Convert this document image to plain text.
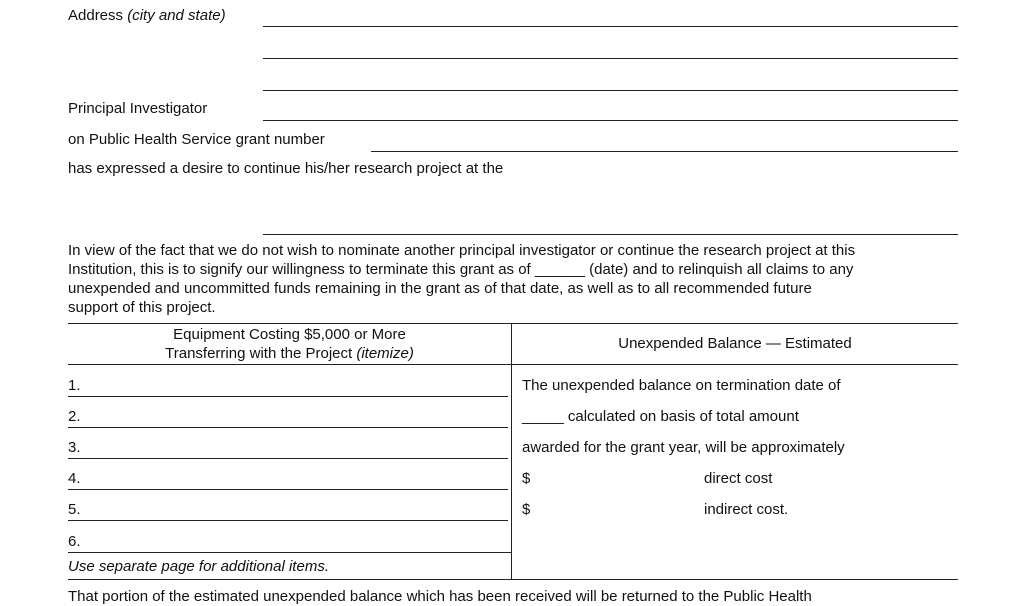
Address (city and state)
Principal Investigator
on Public Health Service grant number
has expressed a desire to continue his/her research project at the
In view of the fact that we do not wish to nominate another principal investigator or continue the research project at this
Institution, this is to signify our willingness to terminate this grant as of ______ (date) and to relinquish all claims to any
unexpended and uncommitted funds remaining in the grant as of that date, as well as to all recommended future
support of this project.
Equipment Costing $5,000 or More
Transferring with the Project (itemize)
Unexpended Balance — Estimated
1.
2.
3.
4.
5.
6.
Use separate page for additional items.
The unexpended balance on termination date of
_____ calculated on basis of total amount
awarded for the grant year, will be approximately
$	direct cost
$	indirect cost.
That portion of the estimated unexpended balance which has been received will be returned to the Public Health
